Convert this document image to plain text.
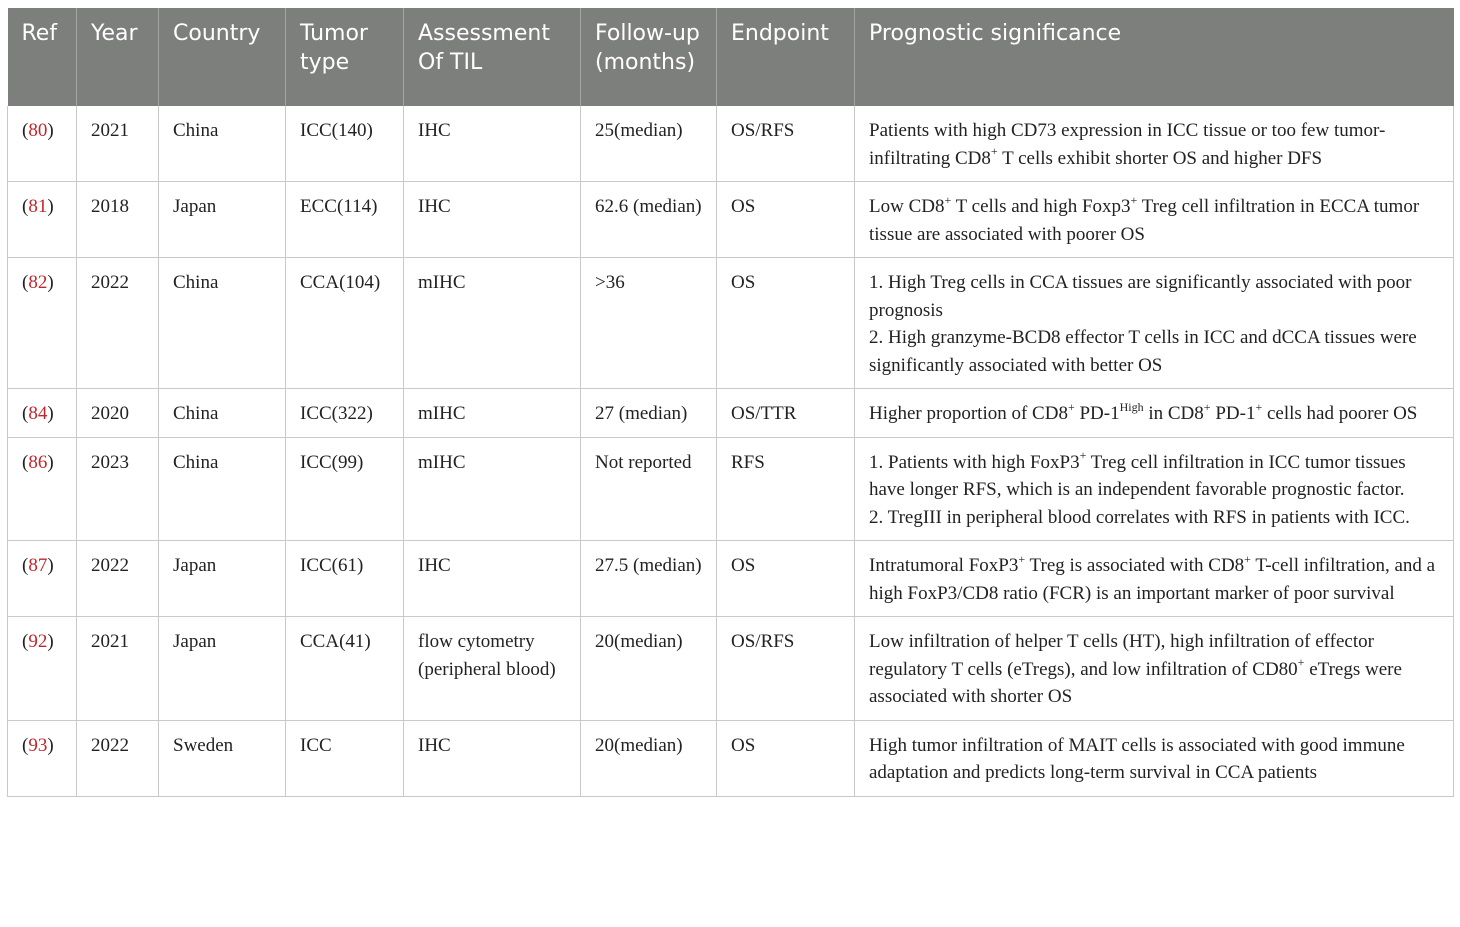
Ref	Year	Country	Tumor type	Assessment Of TIL	Follow-up (months)	Endpoint	Prognostic significance
(80)	2021	China	ICC(140)	IHC	25(median)	OS/RFS	Patients with high CD73 expression in ICC tissue or too few tumor-infiltrating CD8+ T cells exhibit shorter OS and higher DFS

(81)	2018	Japan	ECC(114)	IHC	62.6 (median)	OS	Low CD8+ T cells and high Foxp3+ Treg cell infiltration in ECCA tumor tissue are associated with poorer OS

(82)	2022	China	CCA(104)	mIHC	>36	OS	1. High Treg cells in CCA tissues are significantly associated with poor prognosis
2. High granzyme-BCD8 effector T cells in ICC and dCCA tissues were significantly associated with better OS

(84)	2020	China	ICC(322)	mIHC	27 (median)	OS/TTR	Higher proportion of CD8+ $PD-1^{High}$ in CD8+ PD-1+ cells had poorer OS

(86)	2023	China	ICC(99)	mIHC	Not reported	RFS	1. Patients with high FoxP3+ Treg cell infiltration in ICC tumor tissues have longer RFS, which is an independent favorable prognostic factor.
2. TregIII in peripheral blood correlates with RFS in patients with ICC.

(87)	2022	Japan	ICC(61)	IHC	27.5 (median)	OS	Intratumoral FoxP3+ Treg is associated with CD8+ T-cell infiltration, and a high FoxP3/CD8 ratio (FCR) is an important marker of poor survival

(92)	2021	Japan	CCA(41)	flow cytometry (peripheral blood)	20(median)	OS/RFS	Low infiltration of helper T cells (HT), high infiltration of effector regulatory T cells (eTregs), and low infiltration of CD80+ eTregs were associated with shorter OS

(93)	2022	Sweden	ICC	IHC	20(median)	OS	High tumor infiltration of MAIT cells is associated with good immune adaptation and predicts long-term survival in CCA patients
